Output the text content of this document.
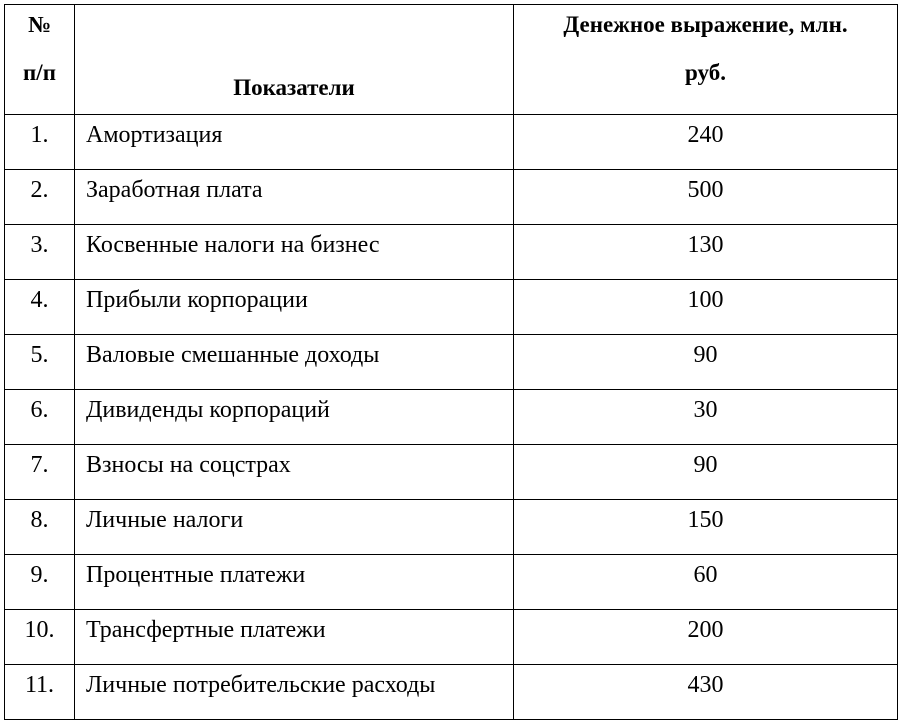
№
п/п	Показатели	Денежное выражение, млн.
руб.

1.	Амортизация	240
2.	Заработная плата	500
3.	Косвенные налоги на бизнес	130
4.	Прибыли корпорации	100
5.	Валовые смешанные доходы	90
6.	Дивиденды корпораций	30
7.	Взносы на соцстрах	90
8.	Личные налоги	150
9.	Процентные платежи	60
10.	Трансфертные платежи	200
11.	Личные потребительские расходы	430
